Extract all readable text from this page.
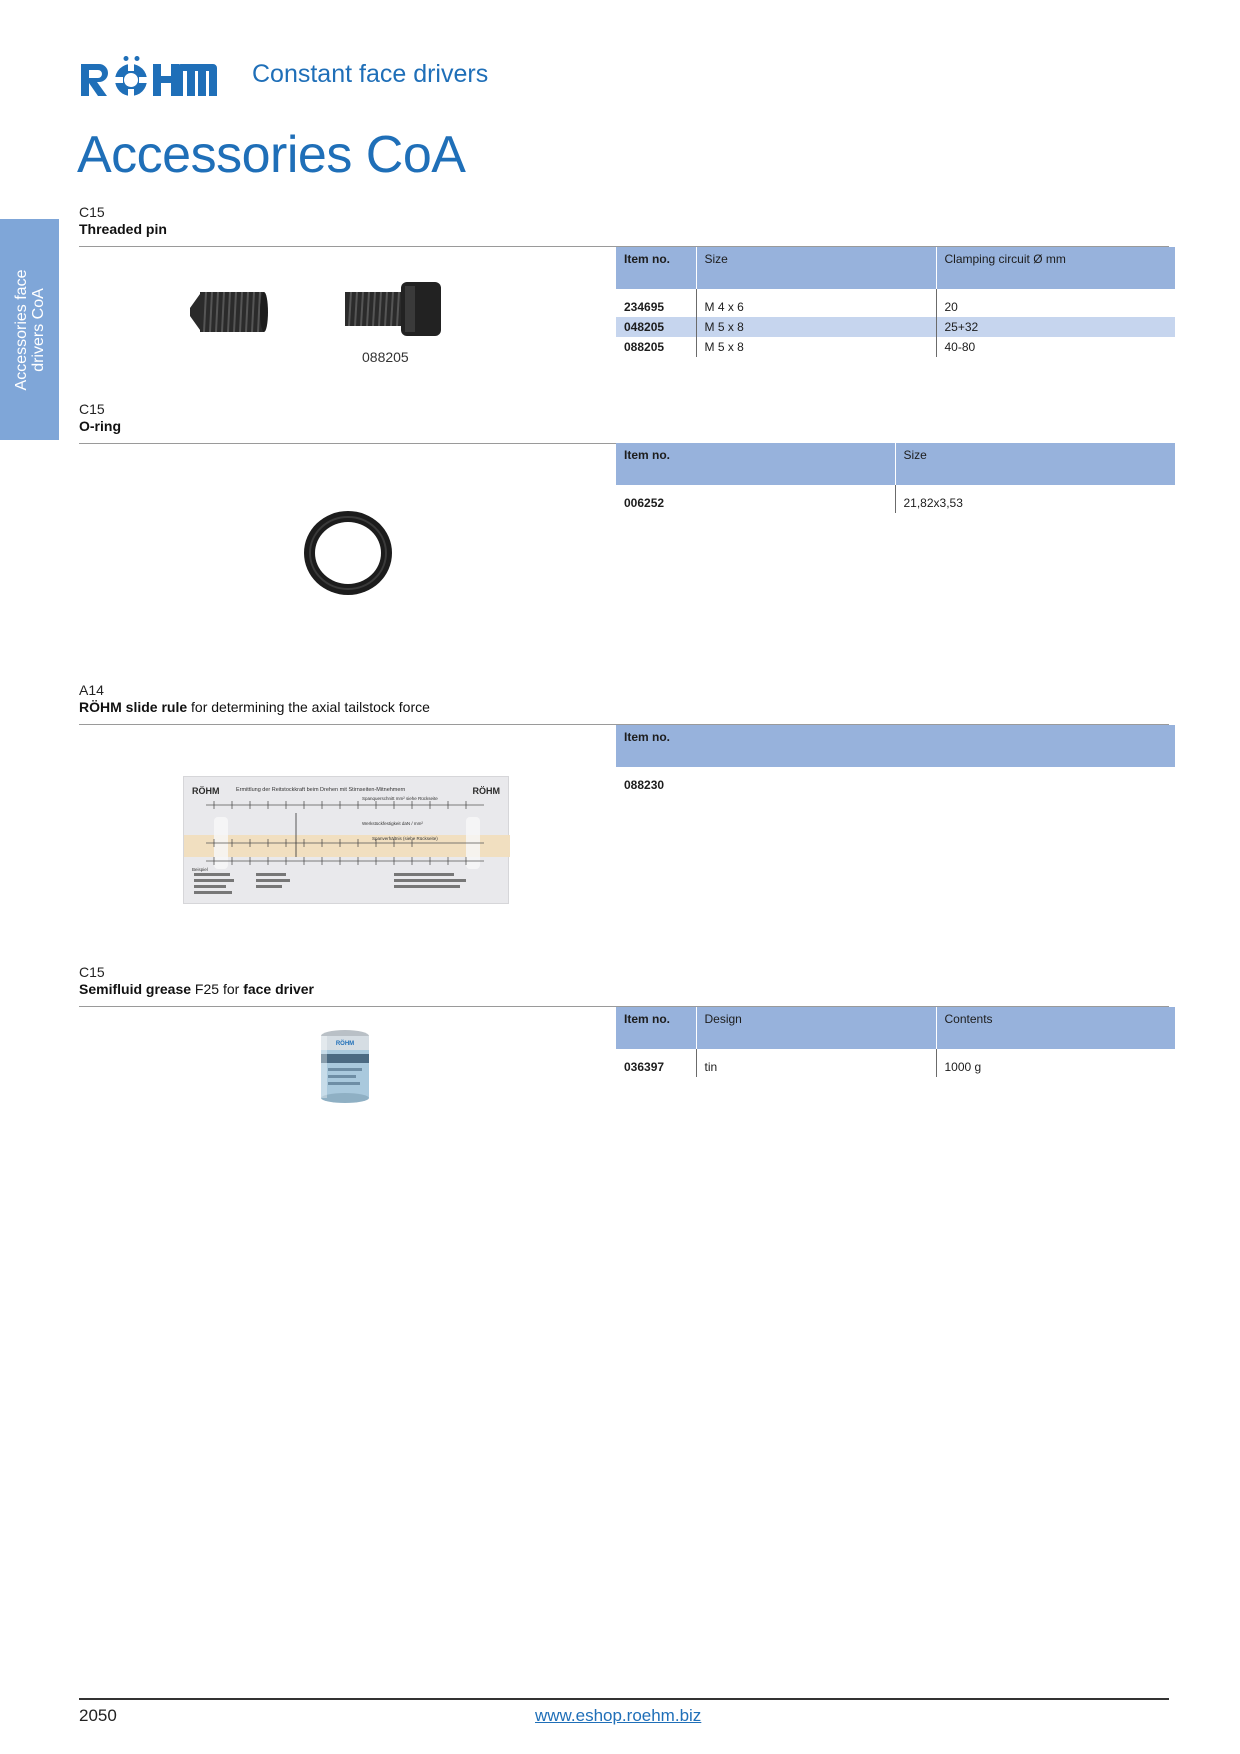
Constant face drivers
Accessories CoA
Accessories face drivers CoA
C15
Threaded pin
088205
Item no.	Size	Clamping circuit Ø mm

234695	M 4 x 6	20
048205	M 5 x 8	25+32
088205	M 5 x 8	40-80
C15
O-ring
Item no.	Size

006252	21,82x3,53
A14
RÖHM slide rule for determining the axial tailstock force
RÖHM	RÖHM
Ermittlung der Reitstockkraft beim Drehen mit Stirnseiten-Mitnehmern
Spanquerschnitt mm² siehe Rückseite
Werkstückfestigkeit daN / mm²
Spanverhältnis (siehe Rückseite)
Beispiel
Item no.

088230
C15
Semifluid grease F25 for face driver
RÖHM
Item no.	Design	Contents

036397	tin	1000 g
2050	www.eshop.roehm.biz
